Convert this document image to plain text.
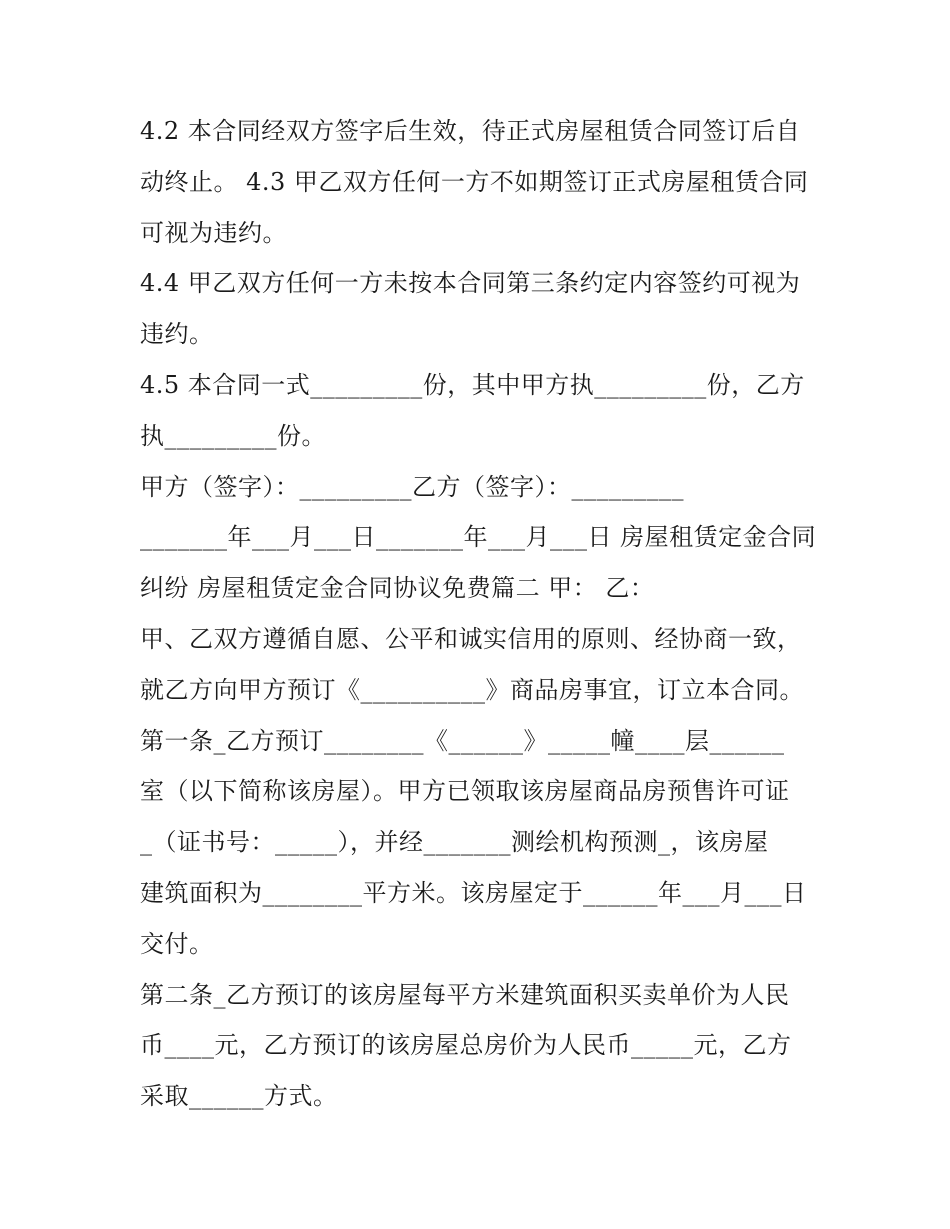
4.2 本合同经双方签字后生效，待正式房屋租赁合同签订后自
动终止。 4.3 甲乙双方任何一方不如期签订正式房屋租赁合同
可视为违约。
4.4 甲乙双方任何一方未按本合同第三条约定内容签约可视为
违约。
4.5 本合同一式_________份，其中甲方执_________份，乙方
执_________份。
甲方（签字）：_________乙方（签字）：_________
_______年___月___日_______年___月___日 房屋租赁定金合同
纠纷 房屋租赁定金合同协议免费篇二 甲： 乙：
甲、乙双方遵循自愿、公平和诚实信用的原则、经协商一致，
就乙方向甲方预订《__________》商品房事宜，订立本合同。
第一条_乙方预订________《______》_____幢____层______
室（以下简称该房屋）。甲方已领取该房屋商品房预售许可证
_（证书号：_____），并经_______测绘机构预测_，该房屋
建筑面积为________平方米。该房屋定于______年___月___日
交付。
第二条_乙方预订的该房屋每平方米建筑面积买卖单价为人民
币____元，乙方预订的该房屋总房价为人民币_____元，乙方
采取______方式。
